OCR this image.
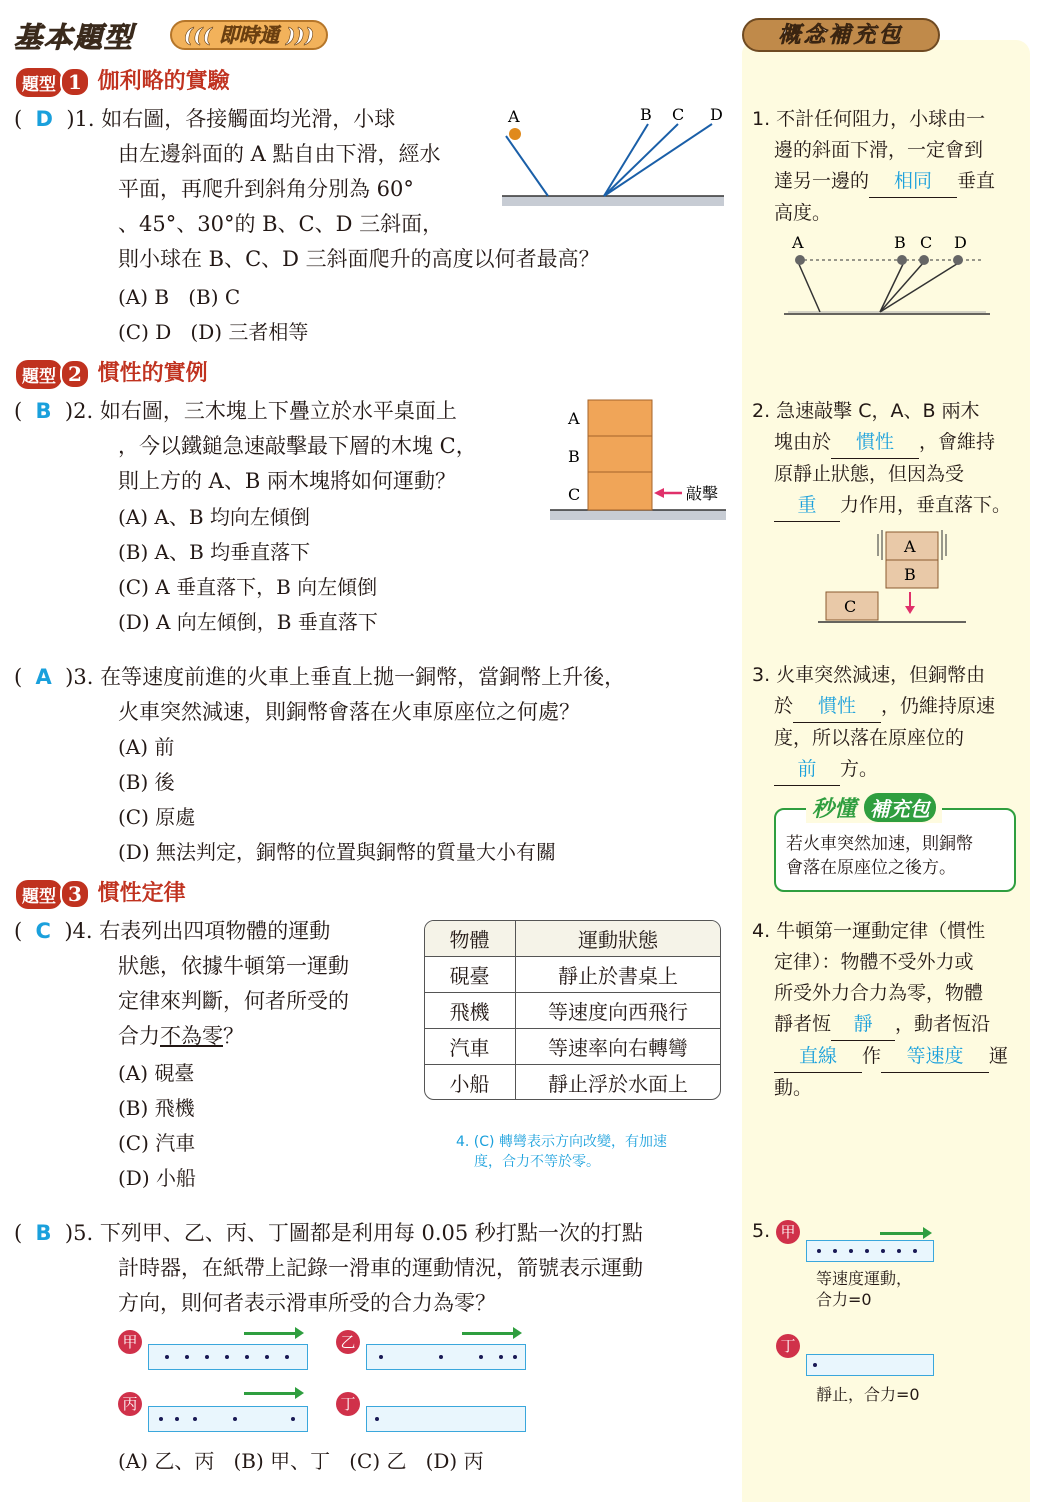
基本題型	((( 即時通 )))	概念補充包
題型 1 伽利略的實驗
(  D  )1. 如右圖，各接觸面均光滑，小球
由左邊斜面的 A 點自由下滑，經水
平面，再爬升到斜角分別為 60°
、45°、30°的 B、C、D 三斜面，
則小球在 B、C、D 三斜面爬升的高度以何者最高？
(A) B (B) C
(C) D (D) 三者相等
A	B C D
題型 2 慣性的實例
(  B  )2. 如右圖，三木塊上下疊立於水平桌面上
，今以鐵鎚急速敲擊最下層的木塊 C，
則上方的 A、B 兩木塊將如何運動？
(A) A、B 均向左傾倒
(B) A、B 均垂直落下
(C) A 垂直落下，B 向左傾倒
(D) A 向左傾倒，B 垂直落下
A
B
C	敲擊
(  A  )3. 在等速度前進的火車上垂直上拋一銅幣，當銅幣上升後，
火車突然減速，則銅幣會落在火車原座位之何處？
(A) 前
(B) 後
(C) 原處
(D) 無法判定，銅幣的位置與銅幣的質量大小有關
題型 3 慣性定律
(  C  )4. 右表列出四項物體的運動
狀態，依據牛頓第一運動
定律來判斷，何者所受的
合力不為零？
(A) 硯臺
(B) 飛機
(C) 汽車
(D) 小船
物體	運動狀態
硯臺	靜止於書桌上
飛機	等速度向西飛行
汽車	等速率向右轉彎
小船	靜止浮於水面上
4. (C) 轉彎表示方向改變，有加速
度，合力不等於零。
(  B  )5. 下列甲、乙、丙、丁圖都是利用每 0.05 秒打點一次的打點
計時器，在紙帶上記錄一滑車的運動情況，箭號表示運動
方向，則何者表示滑車所受的合力為零？
甲	乙
丙	丁
(A) 乙、丙 (B) 甲、丁 (C) 乙 (D) 丙
1. 不計任何阻力，小球由一
邊的斜面下滑，一定會到
達另一邊的 相同 垂直
高度。
A	B C D
2. 急速敲擊 C，A、B 兩木
塊由於 慣性 ，會維持
原靜止狀態，但因為受
重 力作用，垂直落下。
A
B
C
3. 火車突然減速，但銅幣由
於 慣性 ，仍維持原速
度，所以落在原座位的
前 方。
秒懂 補充包
若火車突然加速，則銅幣
會落在原座位之後方。
4. 牛頓第一運動定律（慣性
定律）：物體不受外力或
所受外力合力為零，物體
靜者恆 靜 ，動者恆沿
直線 作 等速度 運
動。
5. 甲
等速度運動，
合力=0
丁
靜止，合力=0
